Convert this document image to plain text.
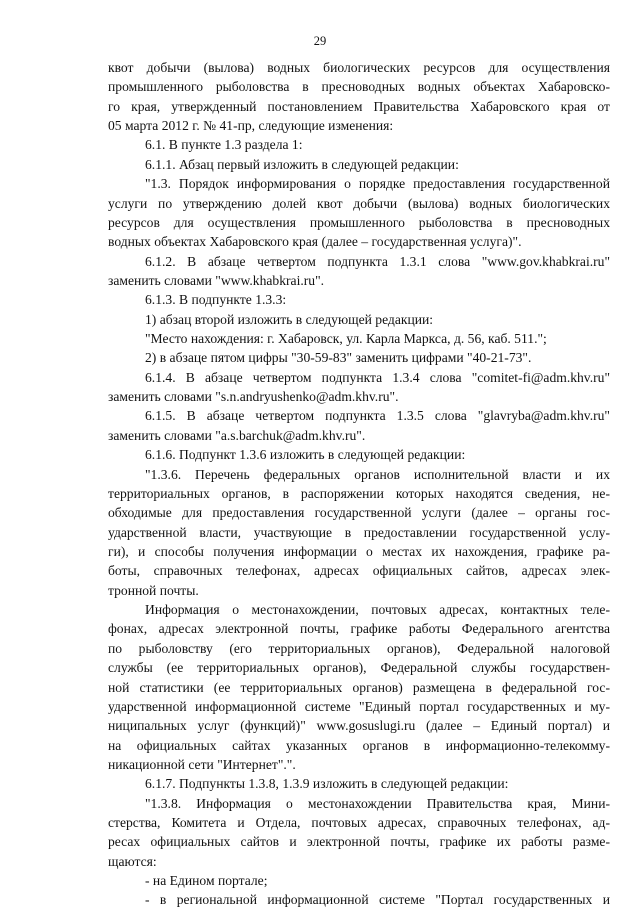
29
квот добычи (вылова) водных биологических ресурсов для осуществления
промышленного рыболовства в пресноводных водных объектах Хабаровско-
го края, утвержденный постановлением Правительства Хабаровского края от
05 марта 2012 г. № 41-пр, следующие изменения:
6.1. В пункте 1.3 раздела 1:
6.1.1. Абзац первый изложить в следующей редакции:
"1.3. Порядок информирования о порядке предоставления государственной
услуги по утверждению долей квот добычи (вылова) водных биологических
ресурсов для осуществления промышленного рыболовства в пресноводных
водных объектах Хабаровского края (далее – государственная услуга)".
6.1.2. В абзаце четвертом подпункта 1.3.1 слова "www.gov.khabkrai.ru"
заменить словами "www.khabkrai.ru".
6.1.3. В подпункте 1.3.3:
1) абзац второй изложить в следующей редакции:
"Место нахождения: г. Хабаровск, ул. Карла Маркса, д. 56, каб. 511.";
2) в абзаце пятом цифры "30-59-83" заменить цифрами "40-21-73".
6.1.4. В абзаце четвертом подпункта 1.3.4 слова "comitet-fi@adm.khv.ru"
заменить словами "s.n.andryushenko@adm.khv.ru".
6.1.5. В абзаце четвертом подпункта 1.3.5 слова "glavryba@adm.khv.ru"
заменить словами "a.s.barchuk@adm.khv.ru".
6.1.6. Подпункт 1.3.6 изложить в следующей редакции:
"1.3.6. Перечень федеральных органов исполнительной власти и их
территориальных органов, в распоряжении которых находятся сведения, не-
обходимые для предоставления государственной услуги (далее – органы гос-
ударственной власти, участвующие в предоставлении государственной услу-
ги), и способы получения информации о местах их нахождения, графике ра-
боты, справочных телефонах, адресах официальных сайтов, адресах элек-
тронной почты.
Информация о местонахождении, почтовых адресах, контактных теле-
фонах, адресах электронной почты, графике работы Федерального агентства
по рыболовству (его территориальных органов), Федеральной налоговой
службы (ее территориальных органов), Федеральной службы государствен-
ной статистики (ее территориальных органов) размещена в федеральной гос-
ударственной информационной системе "Единый портал государственных и му-
ниципальных услуг (функций)" www.gosuslugi.ru (далее – Единый портал) и
на официальных сайтах указанных органов в информационно-телекомму-
никационной сети "Интернет".".
6.1.7. Подпункты 1.3.8, 1.3.9 изложить в следующей редакции:
"1.3.8. Информация о местонахождении Правительства края, Мини-
стерства, Комитета и Отдела, почтовых адресах, справочных телефонах, ад-
ресах официальных сайтов и электронной почты, графике их работы разме-
щаются:
- на Едином портале;
- в региональной информационной системе "Портал государственных и
